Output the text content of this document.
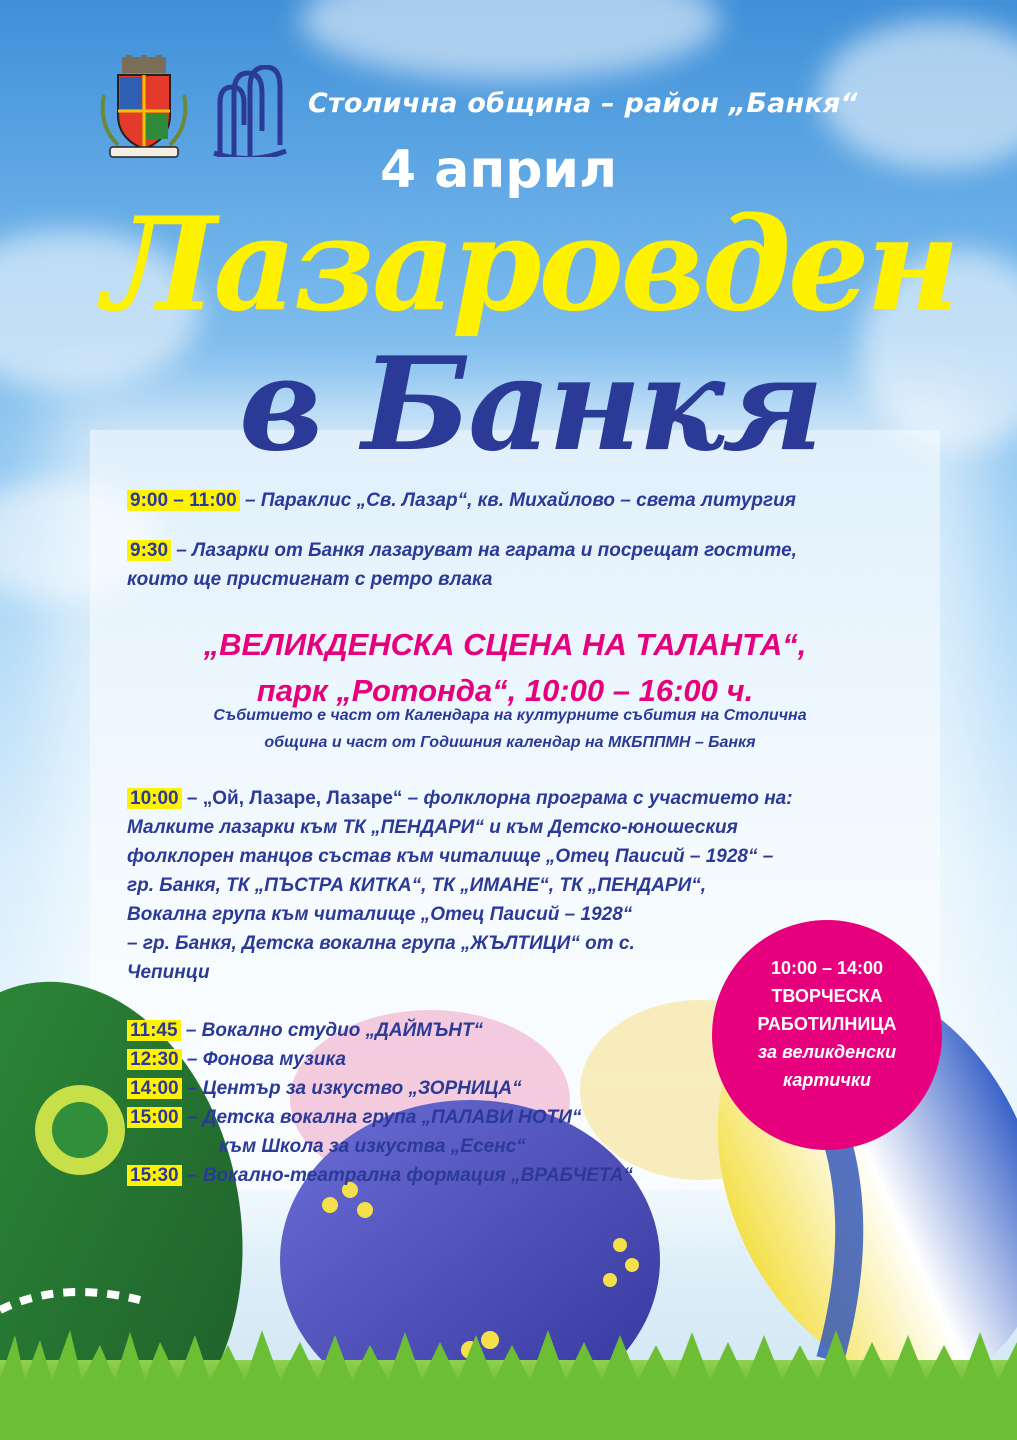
Столична община – район „Банкя“
4 април
Лазаровден
в Банкя
9:00 – 11:00 – Параклис „Св. Лазар“, кв. Михайлово – света литургия
9:30 – Лазарки от Банкя лазаруват на гарата и посрещат гостите,
които ще пристигнат с ретро влака
„ВЕЛИКДЕНСКА СЦЕНА НА ТАЛАНТА“,
парк „Ротонда“, 10:00 – 16:00 ч.
Събитието е част от Календара на културните събития на Столична
община и част от Годишния календар на МКБППМН – Банкя
10:00 – „Ой, Лазаре, Лазаре“ – фолклорна програма с участието на:
Малките лазарки към ТК „ПЕНДАРИ“ и към Детско-юношеския
фолклорен танцов състав към читалище „Отец Паисий – 1928“ –
гр. Банкя, ТК „ПЪСТРА КИТКА“, ТК „ИМАНЕ“, ТК „ПЕНДАРИ“,
Вокална група към читалище „Отец Паисий – 1928“
– гр. Банкя, Детска вокална група „ЖЪЛТИЦИ“ от с.
Чепинци
11:45 – Вокално студио „ДАЙМЪНТ“
12:30 – Фонова музика
14:00 – Център за изкуство „ЗОРНИЦА“
15:00 – Детска вокална група „ПАЛАВИ НОТИ“
към Школа за изкуства „Есенс“
15:30 – Вокално-театрална формация „ВРАБЧЕТА“
10:00 – 14:00
ТВОРЧЕСКА
РАБОТИЛНИЦА
за великденски
картички
